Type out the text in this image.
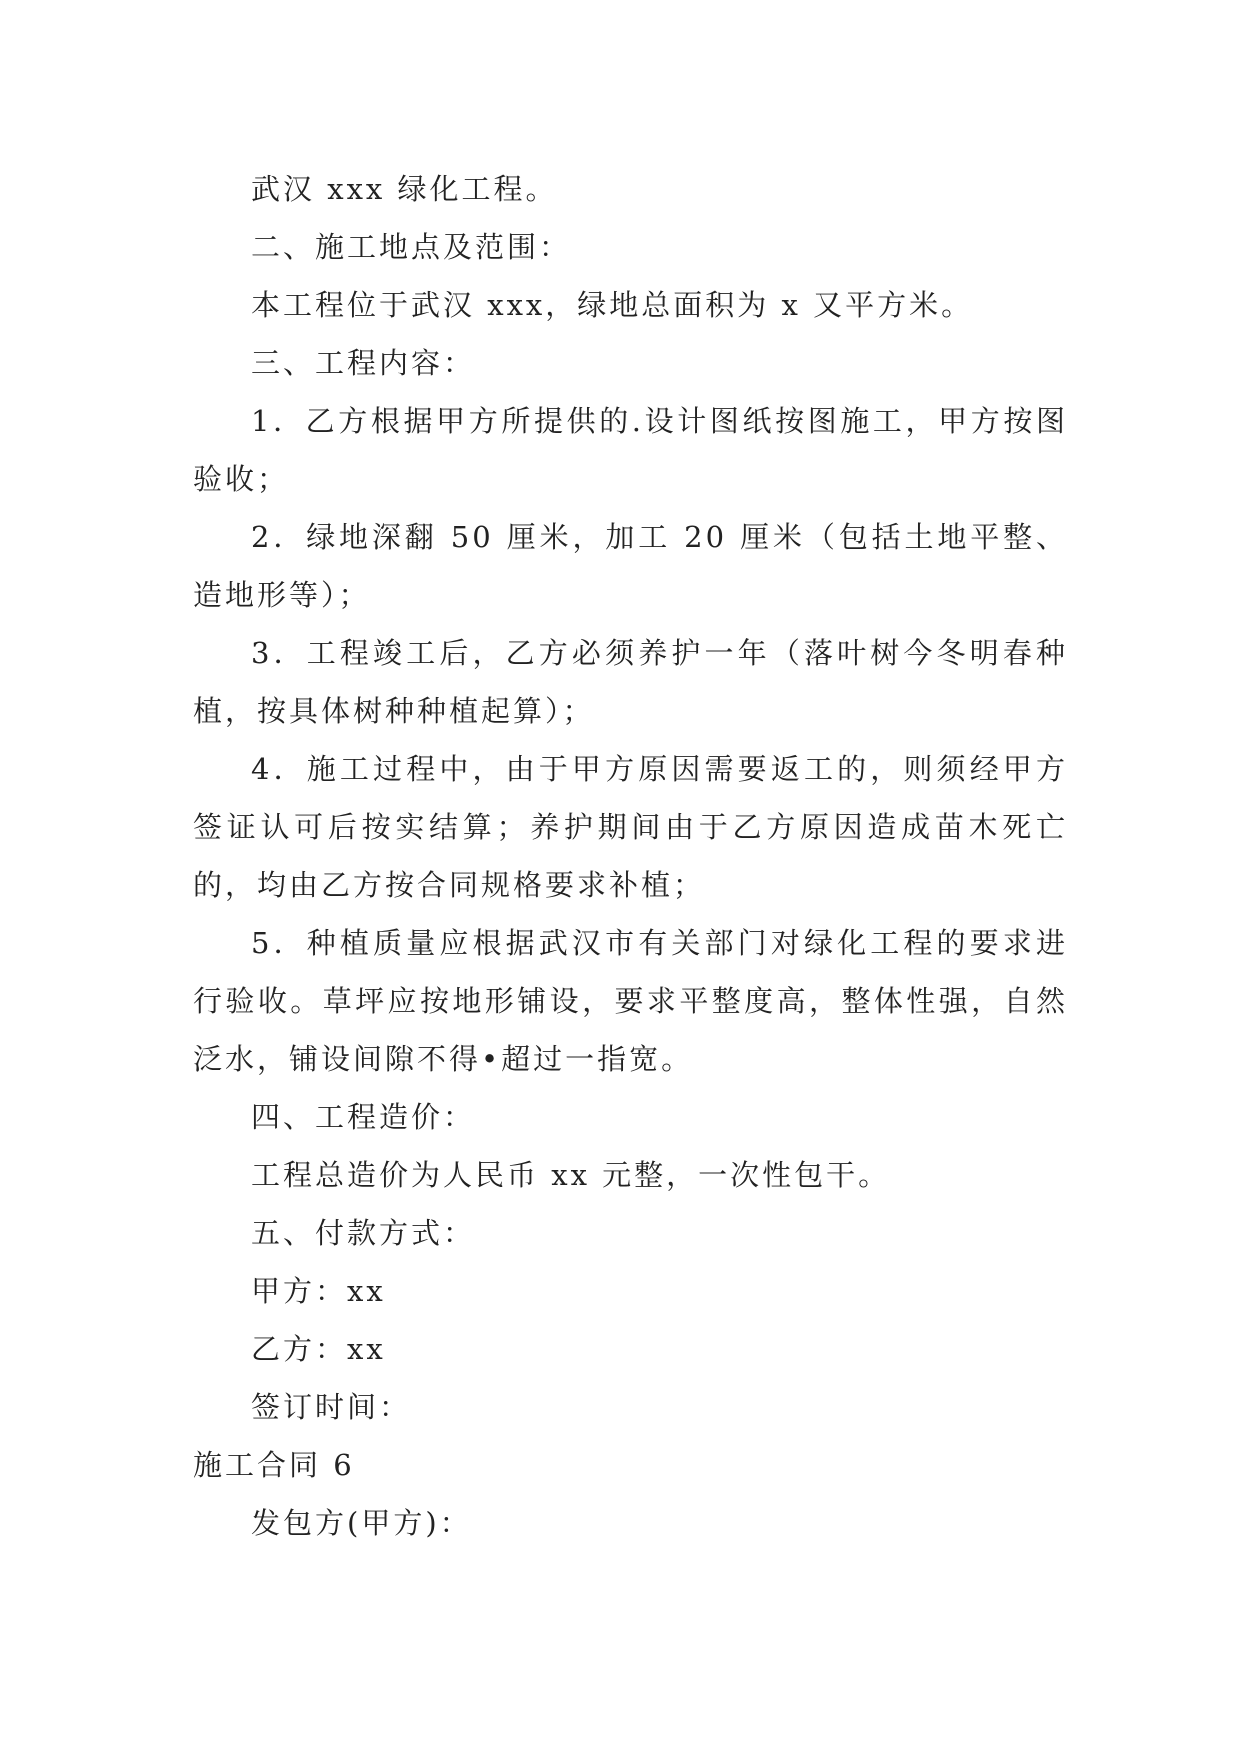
武汉 xxx 绿化工程。

二、施工地点及范围：

本工程位于武汉 xxx，绿地总面积为 x 又平方米。

三、工程内容：

1．乙方根据甲方所提供的.设计图纸按图施工，甲方按图验收；

2．绿地深翻 50 厘米，加工 20 厘米（包括土地平整、造地形等）；

3．工程竣工后，乙方必须养护一年（落叶树今冬明春种植，按具体树种种植起算）；

4．施工过程中，由于甲方原因需要返工的，则须经甲方签证认可后按实结算；养护期间由于乙方原因造成苗木死亡的，均由乙方按合同规格要求补植；

5．种植质量应根据武汉市有关部门对绿化工程的要求进行验收。草坪应按地形铺设，要求平整度高，整体性强，自然泛水，铺设间隙不得•超过一指宽。

四、工程造价：

工程总造价为人民币 xx 元整，一次性包干。

五、付款方式：

甲方：xx

乙方：xx

签订时间：

施工合同 6

发包方(甲方)：
